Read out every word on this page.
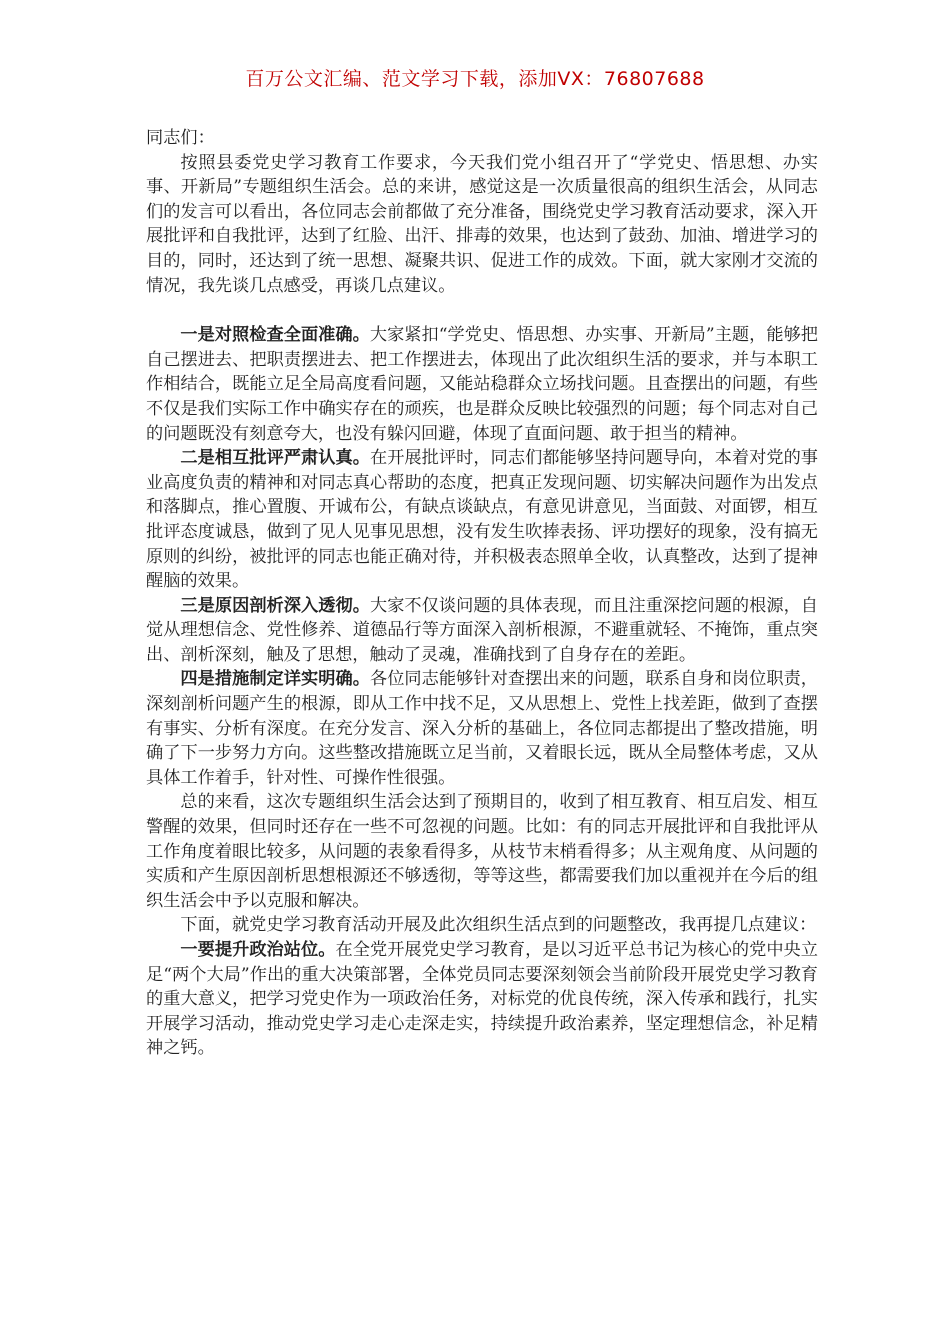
百万公文汇编、范文学习下载，添加VX：76807688

同志们：

按照县委党史学习教育工作要求，今天我们党小组召开了“学党史、悟思想、办实事、开新局”专题组织生活会。总的来讲，感觉这是一次质量很高的组织生活会，从同志们的发言可以看出，各位同志会前都做了充分准备，围绕党史学习教育活动要求，深入开展批评和自我批评，达到了红脸、出汗、排毒的效果，也达到了鼓劲、加油、增进学习的目的，同时，还达到了统一思想、凝聚共识、促进工作的成效。下面，就大家刚才交流的情况，我先谈几点感受，再谈几点建议。

一是对照检查全面准确。大家紧扣“学党史、悟思想、办实事、开新局”主题，能够把自己摆进去、把职责摆进去、把工作摆进去，体现出了此次组织生活的要求，并与本职工作相结合，既能立足全局高度看问题，又能站稳群众立场找问题。且查摆出的问题，有些不仅是我们实际工作中确实存在的顽疾，也是群众反映比较强烈的问题；每个同志对自己的问题既没有刻意夸大，也没有躲闪回避，体现了直面问题、敢于担当的精神。

二是相互批评严肃认真。在开展批评时，同志们都能够坚持问题导向，本着对党的事业高度负责的精神和对同志真心帮助的态度，把真正发现问题、切实解决问题作为出发点和落脚点，推心置腹、开诚布公，有缺点谈缺点，有意见讲意见，当面鼓、对面锣，相互批评态度诚恳，做到了见人见事见思想，没有发生吹捧表扬、评功摆好的现象，没有搞无原则的纠纷，被批评的同志也能正确对待，并积极表态照单全收，认真整改，达到了提神醒脑的效果。

三是原因剖析深入透彻。大家不仅谈问题的具体表现，而且注重深挖问题的根源，自觉从理想信念、党性修养、道德品行等方面深入剖析根源，不避重就轻、不掩饰，重点突出、剖析深刻，触及了思想，触动了灵魂，准确找到了自身存在的差距。

四是措施制定详实明确。各位同志能够针对查摆出来的问题，联系自身和岗位职责，深刻剖析问题产生的根源，即从工作中找不足，又从思想上、党性上找差距，做到了查摆有事实、分析有深度。在充分发言、深入分析的基础上，各位同志都提出了整改措施，明确了下一步努力方向。这些整改措施既立足当前，又着眼长远，既从全局整体考虑，又从具体工作着手，针对性、可操作性很强。

总的来看，这次专题组织生活会达到了预期目的，收到了相互教育、相互启发、相互警醒的效果，但同时还存在一些不可忽视的问题。比如：有的同志开展批评和自我批评从工作角度着眼比较多，从问题的表象看得多，从枝节末梢看得多；从主观角度、从问题的实质和产生原因剖析思想根源还不够透彻，等等这些，都需要我们加以重视并在今后的组织生活会中予以克服和解决。

下面，就党史学习教育活动开展及此次组织生活点到的问题整改，我再提几点建议：

一要提升政治站位。在全党开展党史学习教育，是以习近平总书记为核心的党中央立足“两个大局”作出的重大决策部署，全体党员同志要深刻领会当前阶段开展党史学习教育的重大意义，把学习党史作为一项政治任务，对标党的优良传统，深入传承和践行，扎实开展学习活动，推动党史学习走心走深走实，持续提升政治素养，坚定理想信念，补足精神之钙。
